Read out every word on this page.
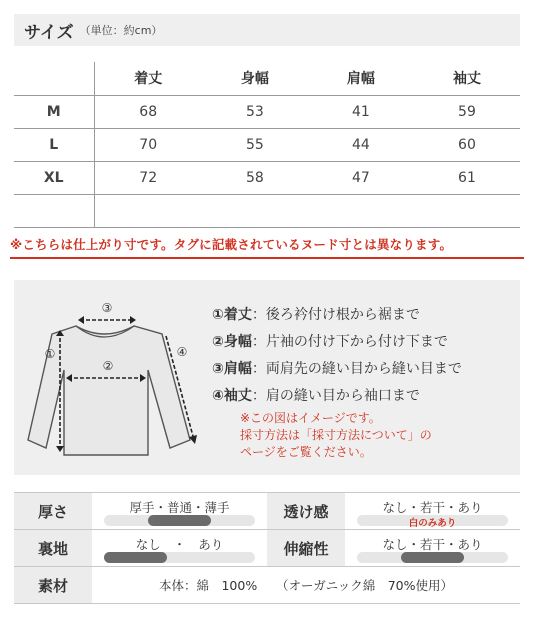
サイズ （単位：約cm）
	着丈	身幅	肩幅	袖丈
M	68	53	41	59
L	70	55	44	60
XL	72	58	47	61

※こちらは仕上がり寸です。タグに記載されているヌード寸とは異なります。
③
①
②
④
①着丈：後ろ衿付け根から裾まで
②身幅：片袖の付け下から付け下まで
③肩幅：両肩先の縫い目から縫い目まで
④袖丈：肩の縫い目から袖口まで
※この図はイメージです。
採寸方法は「採寸方法について」の
ページをご覧ください。
厚さ	厚手・普通・薄手	透け感	なし・若干・あり
白のみあり

裏地	なし　・　あり	伸縮性	なし・若干・あり

素材	本体：綿　100%　　（オーガニック綿　70%使用）		
